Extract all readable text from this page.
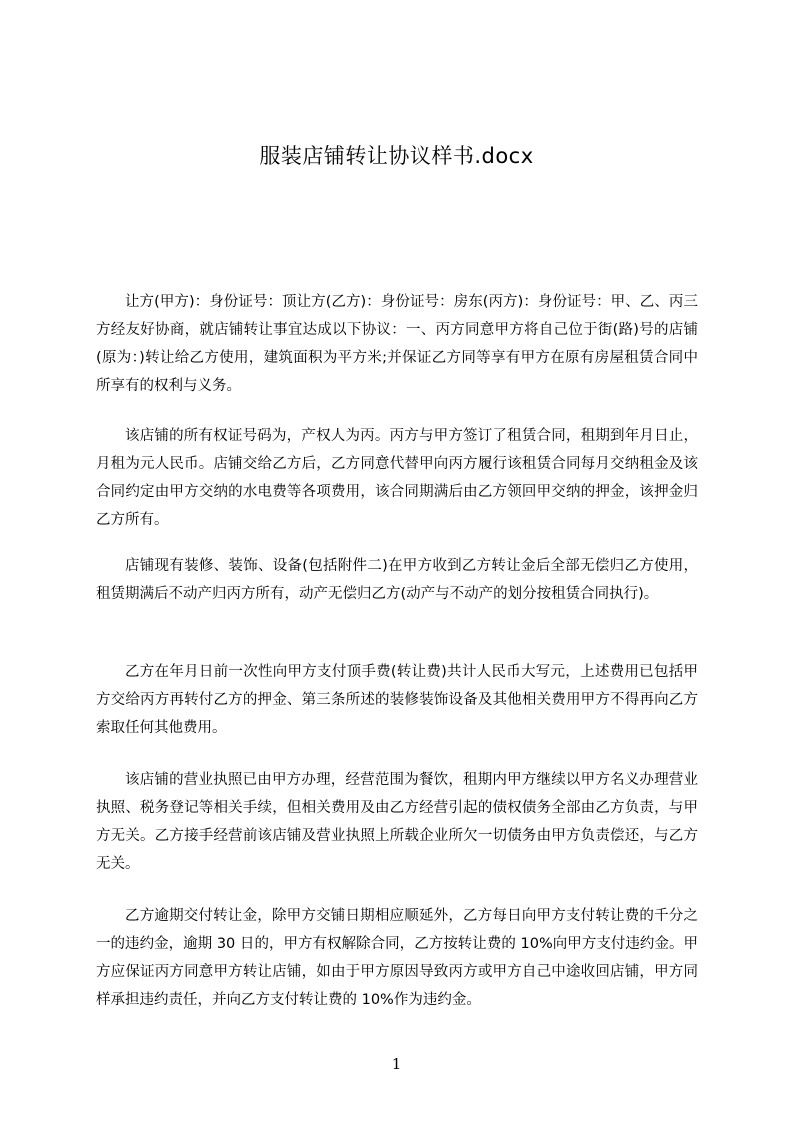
服装店铺转让协议样书.docx

让方(甲方)：身份证号：顶让方(乙方)：身份证号：房东(丙方)：身份证号：甲、乙、丙三方经友好协商，就店铺转让事宜达成以下协议：一、丙方同意甲方将自己位于街(路)号的店铺(原为：)转让给乙方使用，建筑面积为平方米;并保证乙方同等享有甲方在原有房屋租赁合同中所享有的权利与义务。

该店铺的所有权证号码为，产权人为丙。丙方与甲方签订了租赁合同，租期到年月日止，月租为元人民币。店铺交给乙方后，乙方同意代替甲向丙方履行该租赁合同每月交纳租金及该合同约定由甲方交纳的水电费等各项费用，该合同期满后由乙方领回甲交纳的押金，该押金归乙方所有。

店铺现有装修、装饰、设备(包括附件二)在甲方收到乙方转让金后全部无偿归乙方使用，租赁期满后不动产归丙方所有，动产无偿归乙方(动产与不动产的划分按租赁合同执行)。

乙方在年月日前一次性向甲方支付顶手费(转让费)共计人民币大写元，上述费用已包括甲方交给丙方再转付乙方的押金、第三条所述的装修装饰设备及其他相关费用甲方不得再向乙方索取任何其他费用。

该店铺的营业执照已由甲方办理，经营范围为餐饮，租期内甲方继续以甲方名义办理营业执照、税务登记等相关手续，但相关费用及由乙方经营引起的债权债务全部由乙方负责，与甲方无关。乙方接手经营前该店铺及营业执照上所载企业所欠一切债务由甲方负责偿还，与乙方无关。

乙方逾期交付转让金，除甲方交铺日期相应顺延外，乙方每日向甲方支付转让费的千分之一的违约金，逾期 30 日的，甲方有权解除合同，乙方按转让费的 10%向甲方支付违约金。甲方应保证丙方同意甲方转让店铺，如由于甲方原因导致丙方或甲方自己中途收回店铺，甲方同样承担违约责任，并向乙方支付转让费的 10%作为违约金。

1
